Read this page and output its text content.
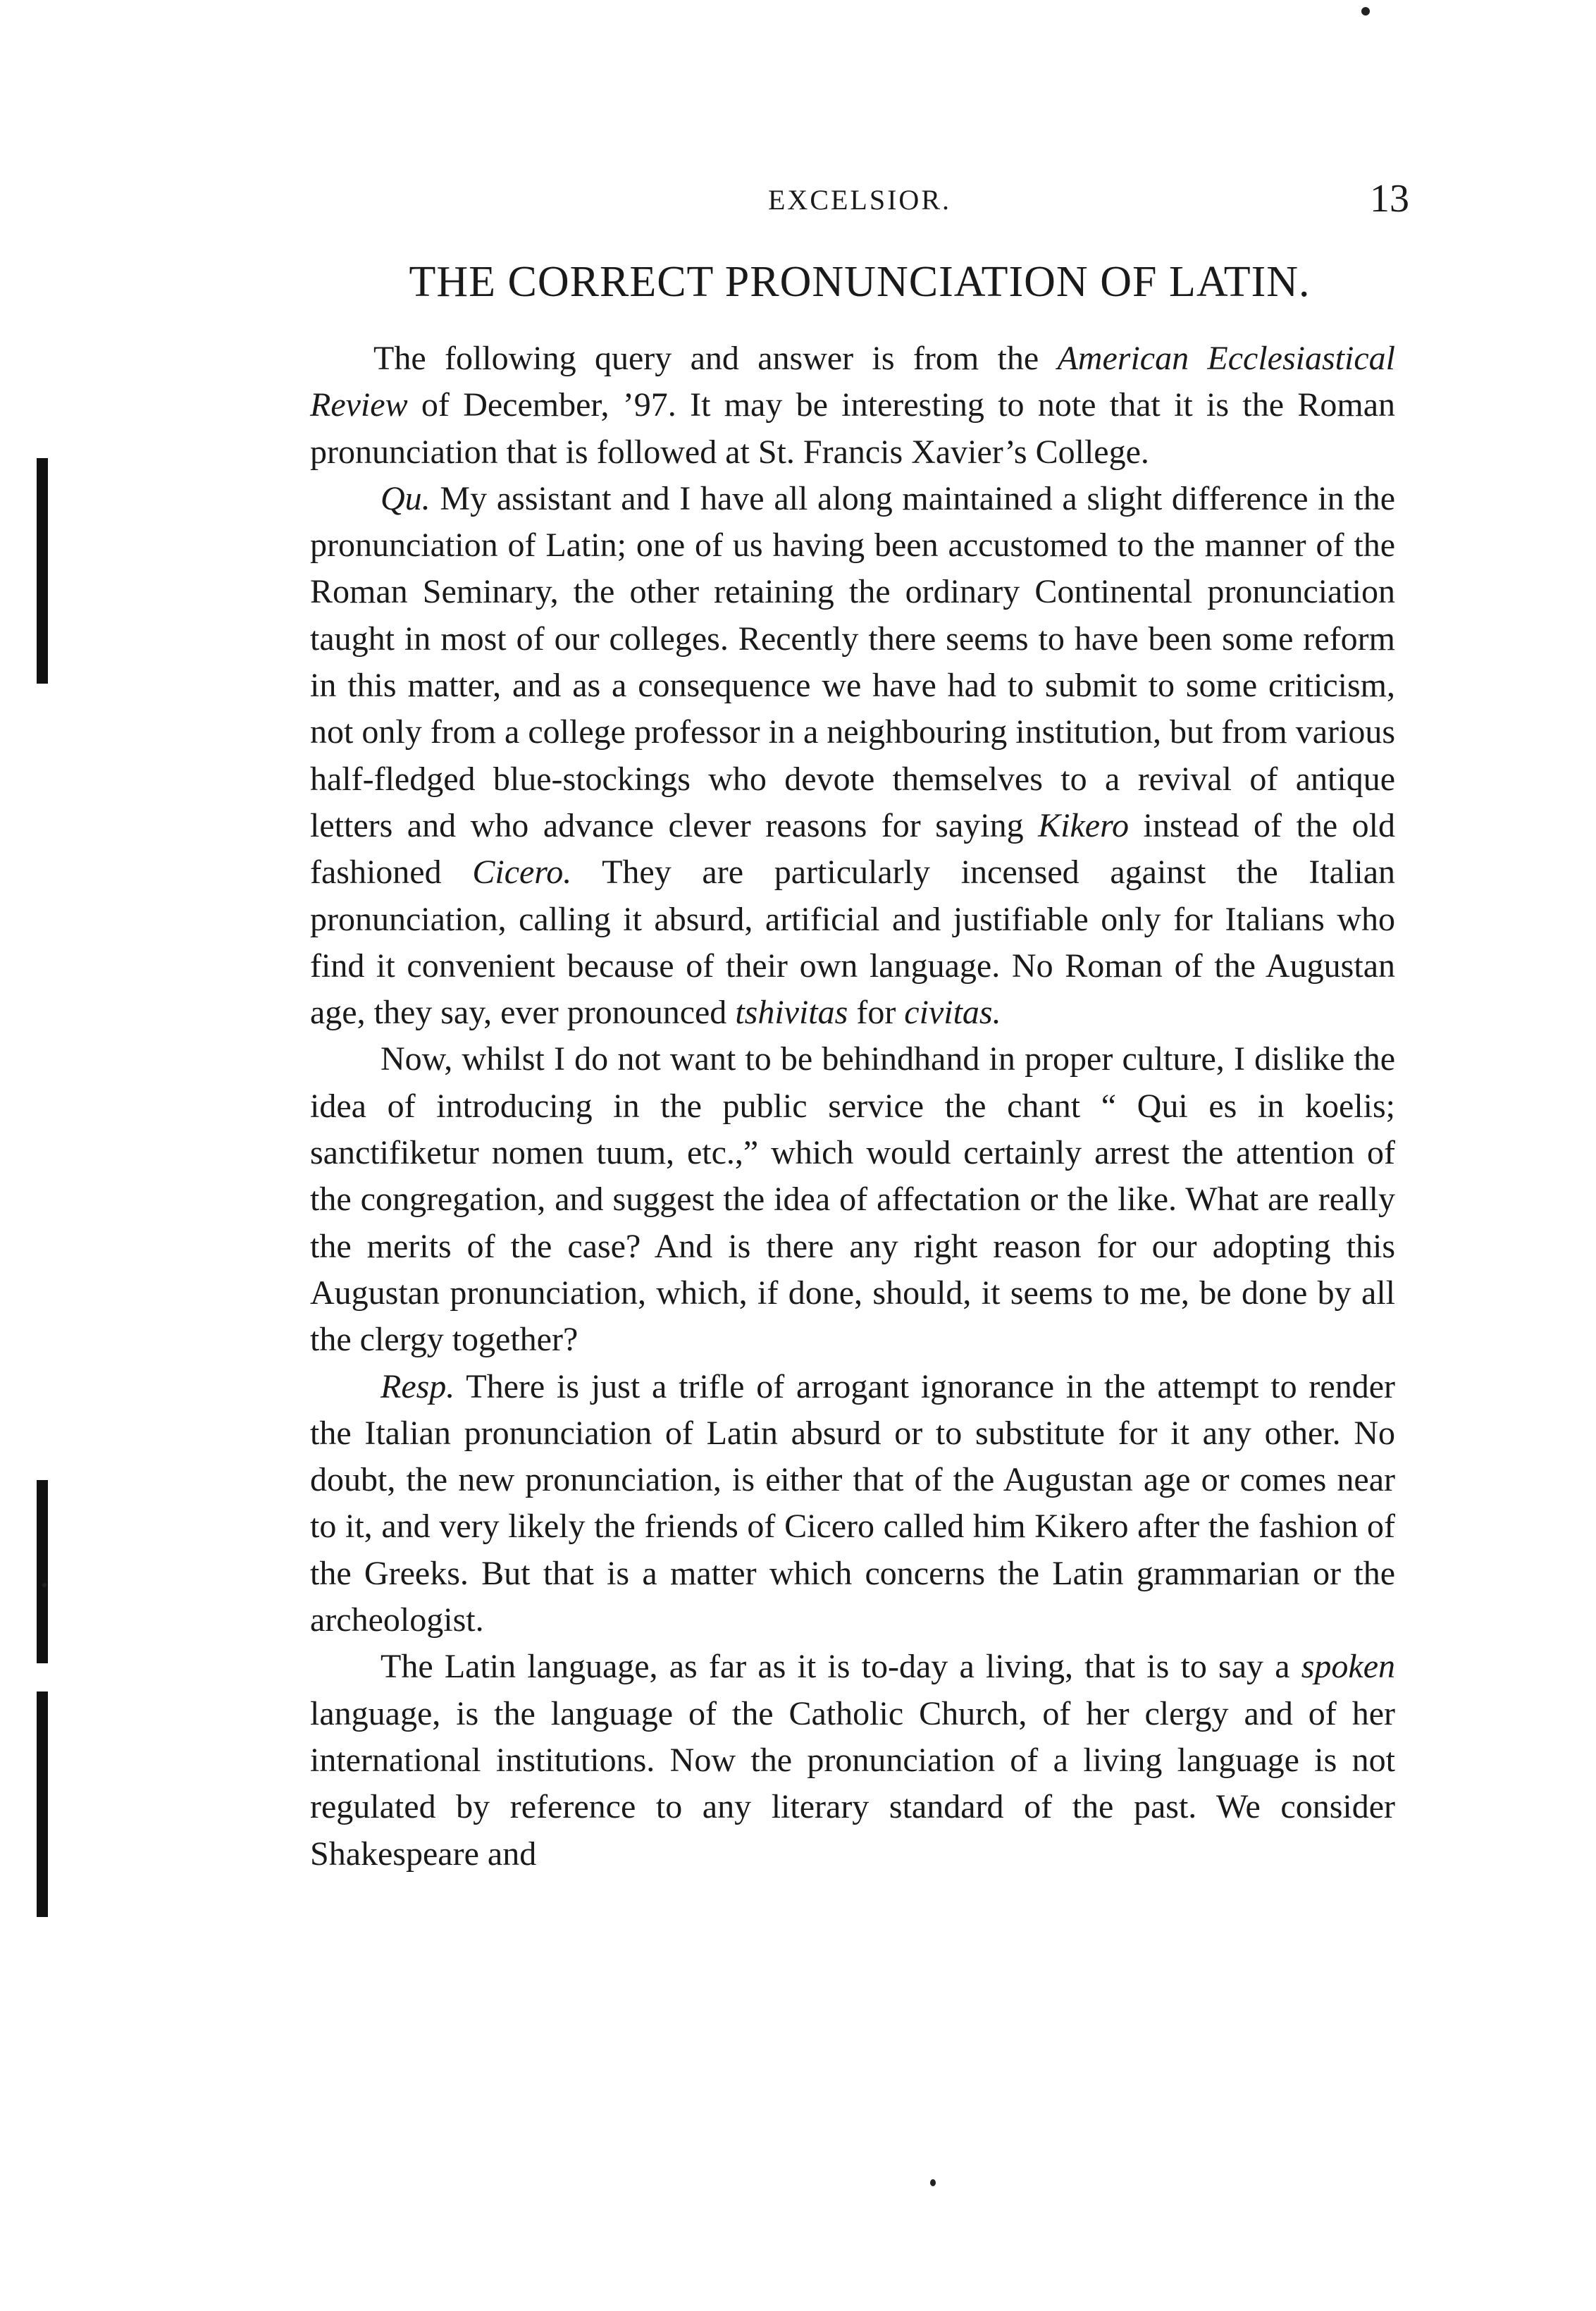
EXCELSIOR.	13
THE CORRECT PRONUNCIATION OF LATIN.

The following query and answer is from the American Ecclesiastical Review of December, ’97. It may be interesting to note that it is the Roman pronunciation that is followed at St. Francis Xavier’s College.

Qu. My assistant and I have all along maintained a slight difference in the pronunciation of Latin; one of us having been accustomed to the manner of the Roman Seminary, the other retaining the ordinary Continental pronunciation taught in most of our colleges. Recently there seems to have been some reform in this matter, and as a consequence we have had to submit to some criticism, not only from a college professor in a neighbouring institution, but from various half-fledged blue-stockings who devote themselves to a revival of antique letters and who advance clever reasons for saying Kikero instead of the old fashioned Cicero. They are particularly incensed against the Italian pronunciation, calling it absurd, artificial and justifiable only for Italians who find it convenient because of their own language. No Roman of the Augustan age, they say, ever pronounced tshivitas for civitas.

Now, whilst I do not want to be behindhand in proper culture, I dislike the idea of introducing in the public service the chant “ Qui es in koelis; sanctifiketur nomen tuum, etc.,” which would certainly arrest the attention of the congregation, and suggest the idea of affectation or the like. What are really the merits of the case? And is there any right reason for our adopting this Augustan pronunciation, which, if done, should, it seems to me, be done by all the clergy together?

Resp. There is just a trifle of arrogant ignorance in the attempt to render the Italian pronunciation of Latin absurd or to substitute for it any other. No doubt, the new pronunciation, is either that of the Augustan age or comes near to it, and very likely the friends of Cicero called him Kikero after the fashion of the Greeks. But that is a matter which concerns the Latin grammarian or the archeologist.

The Latin language, as far as it is to-day a living, that is to say a spoken language, is the language of the Catholic Church, of her clergy and of her international institutions. Now the pronunciation of a living language is not regulated by reference to any literary standard of the past. We consider Shakespeare and
